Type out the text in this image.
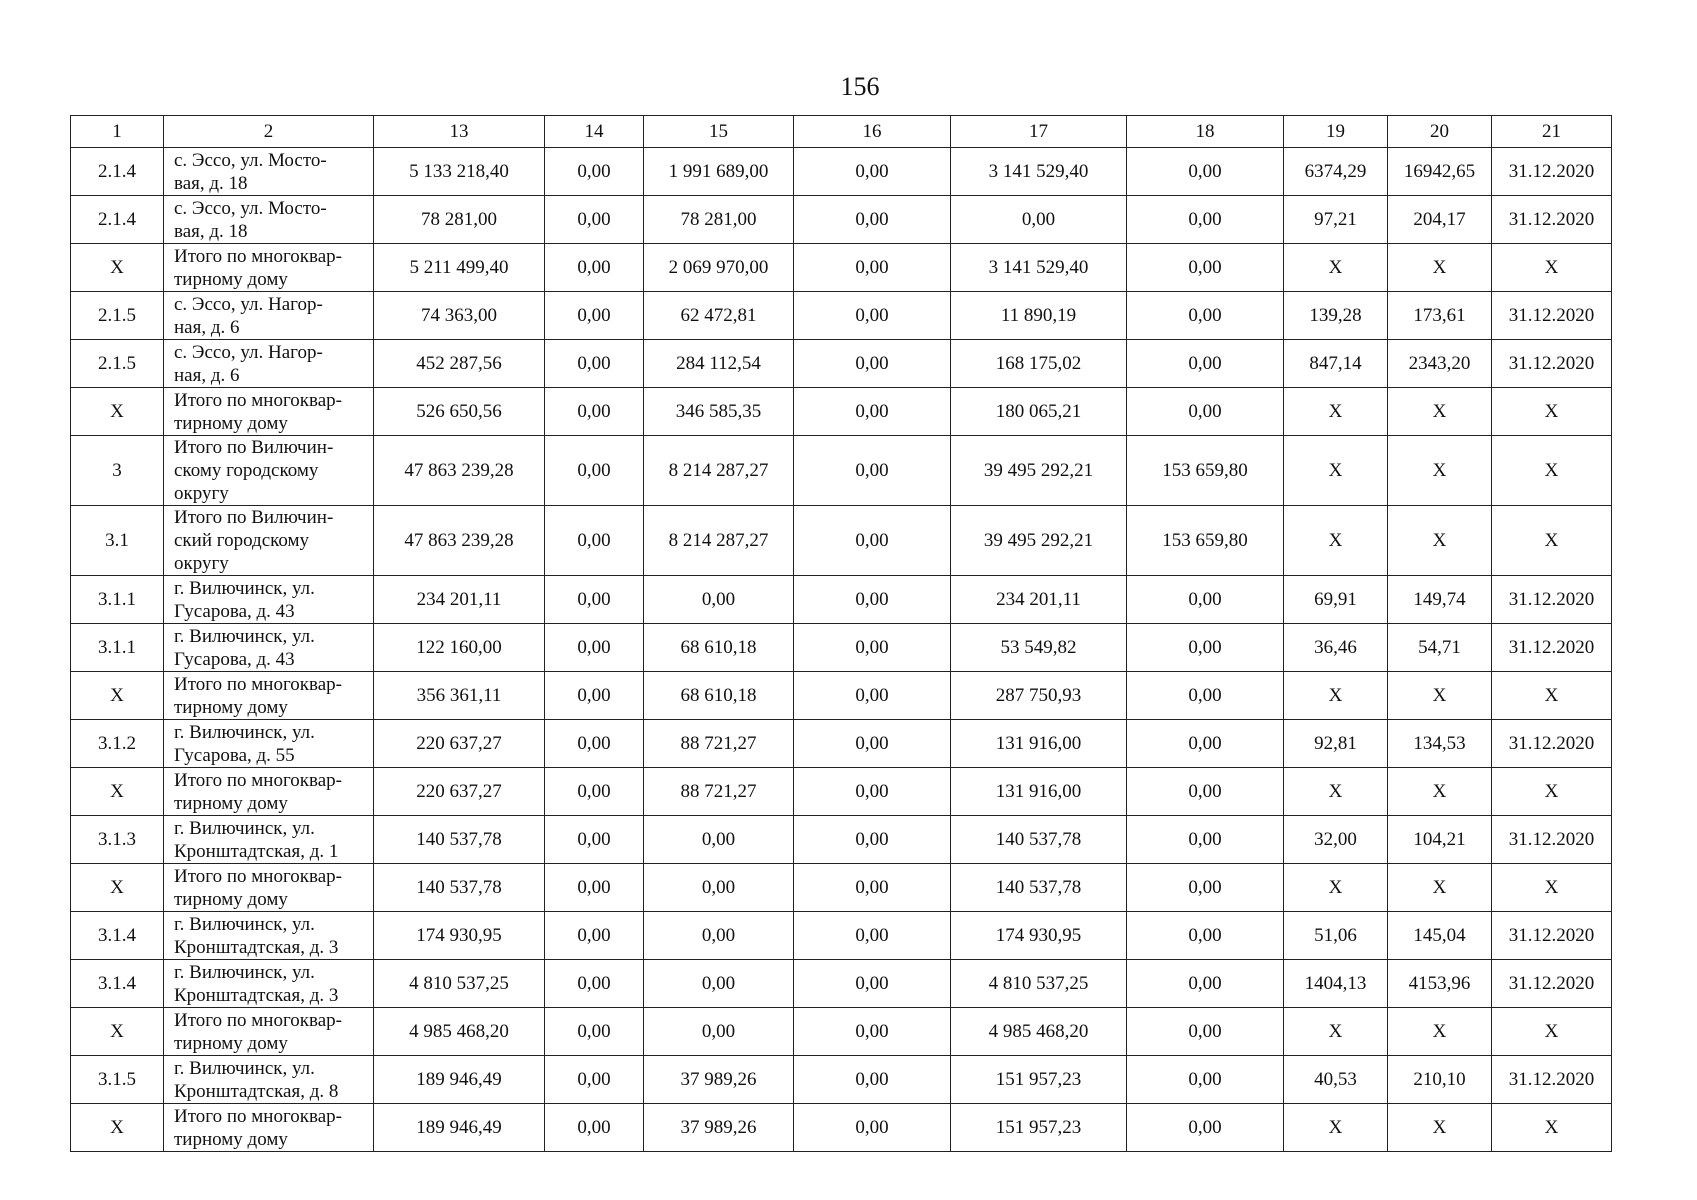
156
1	2	13	14	15	16	17	18	19	20	21
2.1.4	с. Эссо, ул. Мосто-
вая, д. 18	5 133 218,40	0,00	1 991 689,00	0,00	3 141 529,40	0,00	6374,29	16942,65	31.12.2020
2.1.4	с. Эссо, ул. Мосто-
вая, д. 18	78 281,00	0,00	78 281,00	0,00	0,00	0,00	97,21	204,17	31.12.2020
X	Итого по многоквар-
тирному дому	5 211 499,40	0,00	2 069 970,00	0,00	3 141 529,40	0,00	X	X	X
2.1.5	с. Эссо, ул. Нагор-
ная, д. 6	74 363,00	0,00	62 472,81	0,00	11 890,19	0,00	139,28	173,61	31.12.2020
2.1.5	с. Эссо, ул. Нагор-
ная, д. 6	452 287,56	0,00	284 112,54	0,00	168 175,02	0,00	847,14	2343,20	31.12.2020
X	Итого по многоквар-
тирному дому	526 650,56	0,00	346 585,35	0,00	180 065,21	0,00	X	X	X
3	Итого по Вилючин-
скому городскому
округу	47 863 239,28	0,00	8 214 287,27	0,00	39 495 292,21	153 659,80	X	X	X
3.1	Итого по Вилючин-
ский городскому
округу	47 863 239,28	0,00	8 214 287,27	0,00	39 495 292,21	153 659,80	X	X	X
3.1.1	г. Вилючинск, ул.
Гусарова, д. 43	234 201,11	0,00	0,00	0,00	234 201,11	0,00	69,91	149,74	31.12.2020
3.1.1	г. Вилючинск, ул.
Гусарова, д. 43	122 160,00	0,00	68 610,18	0,00	53 549,82	0,00	36,46	54,71	31.12.2020
X	Итого по многоквар-
тирному дому	356 361,11	0,00	68 610,18	0,00	287 750,93	0,00	X	X	X
3.1.2	г. Вилючинск, ул.
Гусарова, д. 55	220 637,27	0,00	88 721,27	0,00	131 916,00	0,00	92,81	134,53	31.12.2020
X	Итого по многоквар-
тирному дому	220 637,27	0,00	88 721,27	0,00	131 916,00	0,00	X	X	X
3.1.3	г. Вилючинск, ул.
Кронштадтская, д. 1	140 537,78	0,00	0,00	0,00	140 537,78	0,00	32,00	104,21	31.12.2020
X	Итого по многоквар-
тирному дому	140 537,78	0,00	0,00	0,00	140 537,78	0,00	X	X	X
3.1.4	г. Вилючинск, ул.
Кронштадтская, д. 3	174 930,95	0,00	0,00	0,00	174 930,95	0,00	51,06	145,04	31.12.2020
3.1.4	г. Вилючинск, ул.
Кронштадтская, д. 3	4 810 537,25	0,00	0,00	0,00	4 810 537,25	0,00	1404,13	4153,96	31.12.2020
X	Итого по многоквар-
тирному дому	4 985 468,20	0,00	0,00	0,00	4 985 468,20	0,00	X	X	X
3.1.5	г. Вилючинск, ул.
Кронштадтская, д. 8	189 946,49	0,00	37 989,26	0,00	151 957,23	0,00	40,53	210,10	31.12.2020
X	Итого по многоквар-
тирному дому	189 946,49	0,00	37 989,26	0,00	151 957,23	0,00	X	X	X
